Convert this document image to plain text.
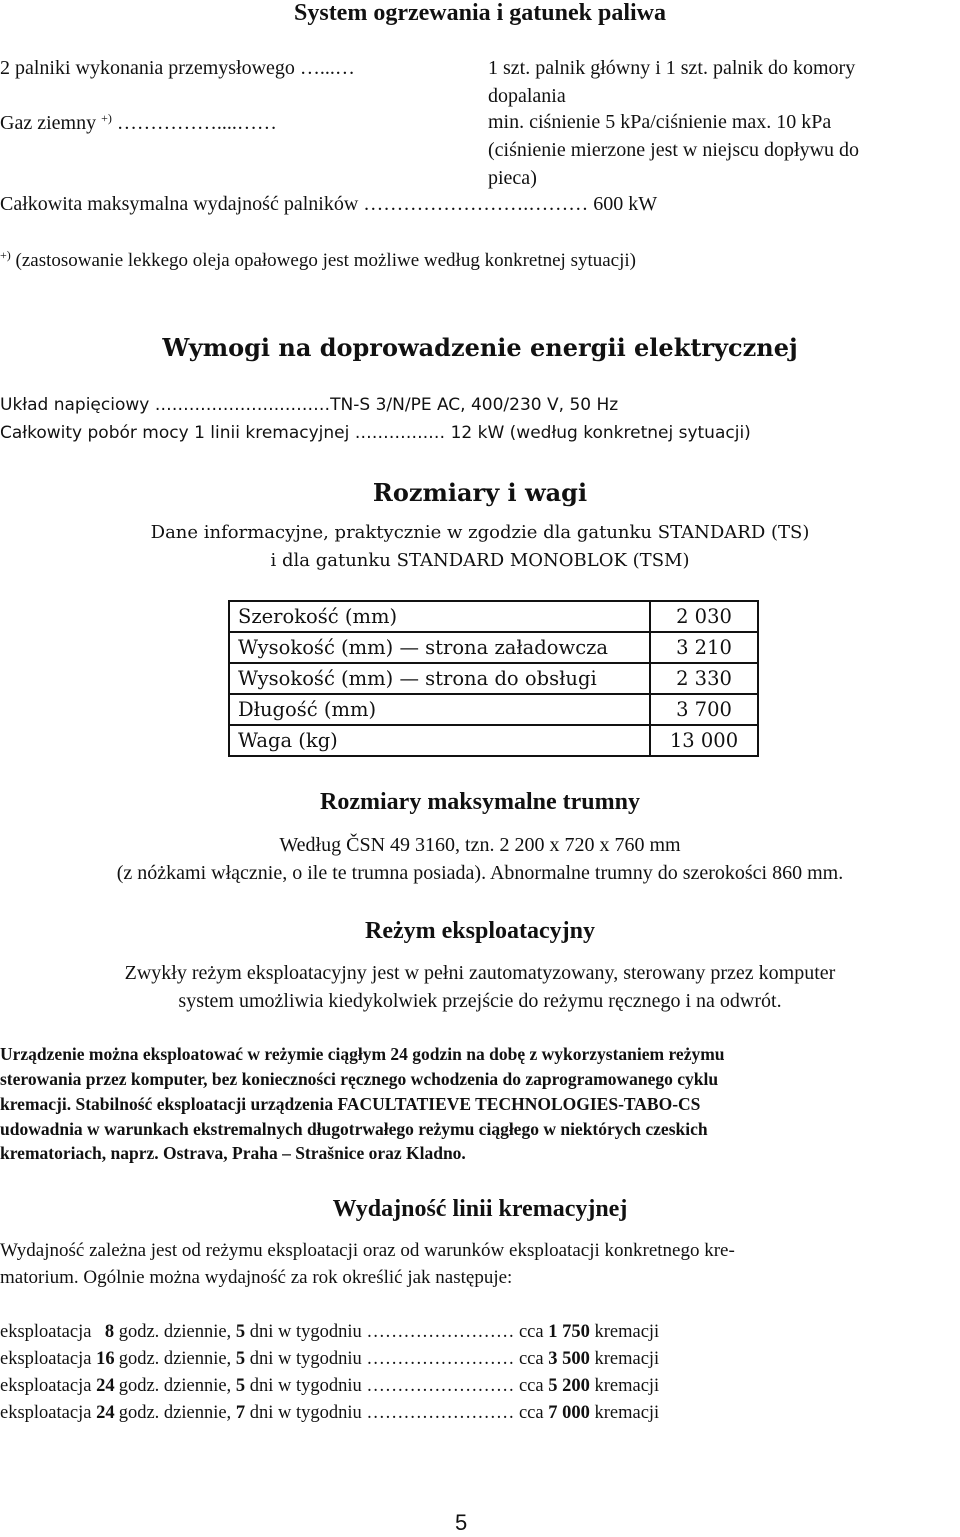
System ogrzewania i gatunek paliwa
2 palniki wykonania przemysłowego …...…	1 szt. palnik główny i 1 szt. palnik do komory
dopalania
Gaz ziemny +) ……………....……	min. ciśnienie 5 kPa/ciśnienie max. 10 kPa
(ciśnienie mierzone jest w niejscu dopływu do
pieca)
Całkowita maksymalna wydajność palników …………………….……… 600 kW
+) (zastosowanie lekkego oleja opałowego jest możliwe według konkretnej sytuacji)
Wymogi na doprowadzenie energii elektrycznej
Układ napięciowy ………………….………TN-S 3/N/PE AC, 400/230 V, 50 Hz
Całkowity pobór mocy 1 linii kremacyjnej ………….… 12 kW (według konkretnej sytuacji)
Rozmiary i wagi
Dane informacyjne, praktycznie w zgodzie dla gatunku STANDARD (TS)
i dla gatunku STANDARD MONOBLOK (TSM)
Szerokość (mm)	2 030
Wysokość (mm) — strona załadowcza	3 210
Wysokość (mm) — strona do obsługi	2 330
Długość (mm)	3 700
Waga (kg)	13 000
Rozmiary maksymalne trumny
Według ČSN 49 3160, tzn. 2 200 x 720 x 760 mm
(z nóżkami włącznie, o ile te trumna posiada). Abnormalne trumny do szerokości 860 mm.
Reżym eksploatacyjny
Zwykły reżym eksploatacyjny jest w pełni zautomatyzowany, sterowany przez komputer
system umożliwia kiedykolwiek przejście do reżymu ręcznego i na odwrót.
Urządzenie można eksploatować w reżymie ciągłym 24 godzin na dobę z wykorzystaniem reżymu
sterowania przez komputer, bez konieczności ręcznego wchodzenia do zaprogramowanego cyklu
kremacji. Stabilność eksploatacji urządzenia FACULTATIEVE TECHNOLOGIES-TABO-CS
udowadnia w warunkach ekstremalnych długotrwałego reżymu ciągłego w niektórych czeskich
krematoriach, naprz. Ostrava, Praha – Strašnice oraz Kladno.
Wydajność linii kremacyjnej
Wydajność zależna jest od reżymu eksploatacji oraz od warunków eksploatacji konkretnego kre-
matorium. Ogólnie można wydajność za rok określić jak następuje:
eksploatacja 8 godz. dziennie, 5 dni w tygodniu …………………… cca 1 750 kremacji
eksploatacja 16 godz. dziennie, 5 dni w tygodniu …………………… cca 3 500 kremacji
eksploatacja 24 godz. dziennie, 5 dni w tygodniu …………………… cca 5 200 kremacji
eksploatacja 24 godz. dziennie, 7 dni w tygodniu …………………… cca 7 000 kremacji
5
